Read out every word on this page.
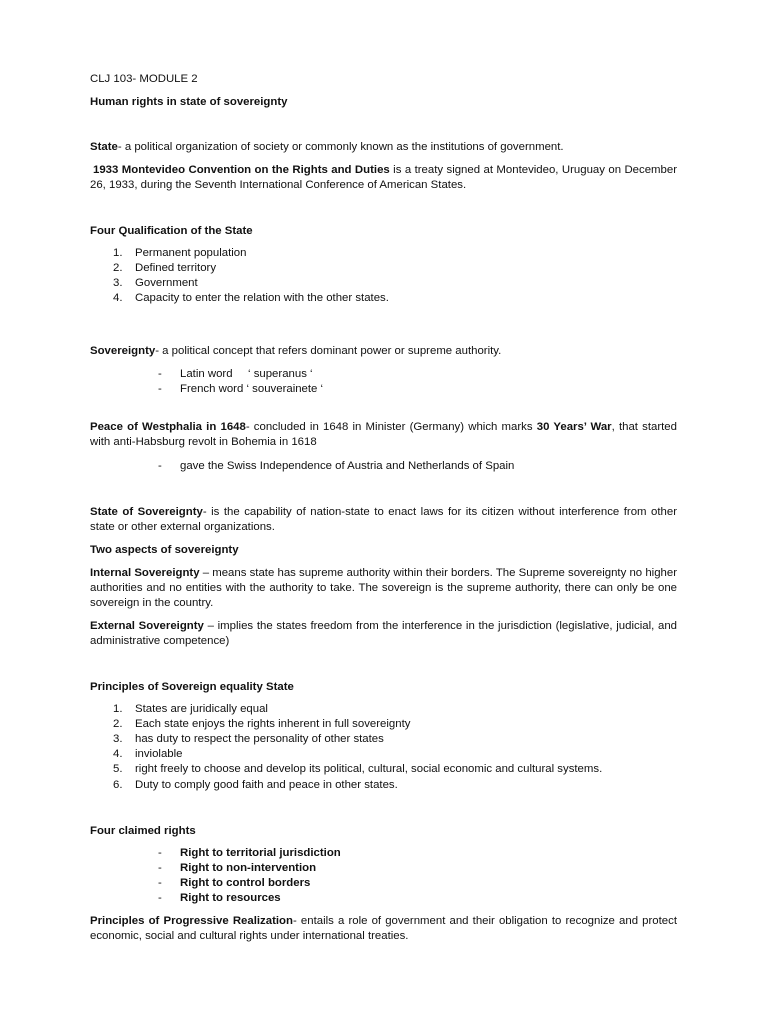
CLJ 103- MODULE 2

Human rights in state of sovereignty

State- a political organization of society or commonly known as the institutions of government.

1933 Montevideo Convention on the Rights and Duties is a treaty signed at Montevideo, Uruguay on December 26, 1933, during the Seventh International Conference of American States.

Four Qualification of the State

1. Permanent population
2. Defined territory
3. Government
4. Capacity to enter the relation with the other states.

Sovereignty- a political concept that refers dominant power or supreme authority.

- Latin word ‘ superanus ‘
- French word ‘ souverainete ‘

Peace of Westphalia in 1648- concluded in 1648 in Minister (Germany) which marks 30 Years’ War, that started with anti-Habsburg revolt in Bohemia in 1618

- gave the Swiss Independence of Austria and Netherlands of Spain

State of Sovereignty- is the capability of nation-state to enact laws for its citizen without interference from other state or other external organizations.

Two aspects of sovereignty

Internal Sovereignty – means state has supreme authority within their borders. The Supreme sovereignty no higher authorities and no entities with the authority to take. The sovereign is the supreme authority, there can only be one sovereign in the country.

External Sovereignty – implies the states freedom from the interference in the jurisdiction (legislative, judicial, and administrative competence)

Principles of Sovereign equality State

1. States are juridically equal
2. Each state enjoys the rights inherent in full sovereignty
3. has duty to respect the personality of other states
4. inviolable
5. right freely to choose and develop its political, cultural, social economic and cultural systems.
6. Duty to comply good faith and peace in other states.

Four claimed rights

- Right to territorial jurisdiction
- Right to non-intervention
- Right to control borders
- Right to resources

Principles of Progressive Realization- entails a role of government and their obligation to recognize and protect economic, social and cultural rights under international treaties.
